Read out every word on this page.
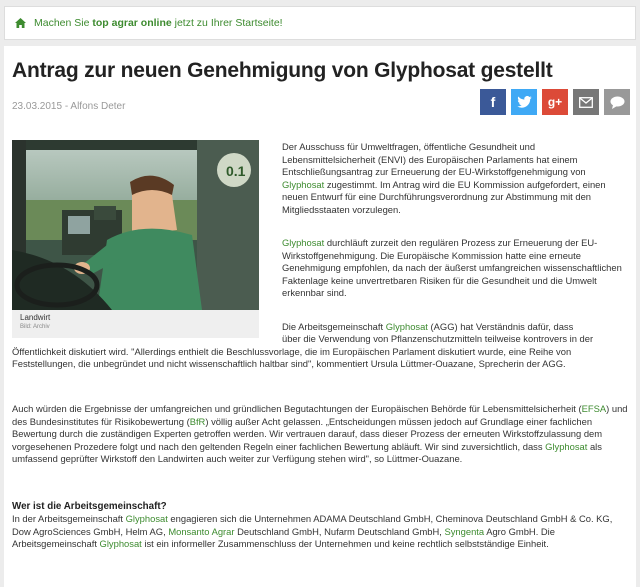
Machen Sie top agrar online jetzt zu Ihrer Startseite!
Antrag zur neuen Genehmigung von Glyphosat gestellt
23.03.2015 - Alfons Deter	f	g+
0.1
Landwirt
Bild: Archiv

Der Ausschuss für Umweltfragen, öffentliche Gesundheit und Lebensmittelsicherheit (ENVI) des Europäischen Parlaments hat einem Entschließungsantrag zur Erneuerung der EU-Wirkstoffgenehmigung von Glyphosat zugestimmt. Im Antrag wird die EU Kommission aufgefordert, einen neuen Entwurf für eine Durchführungsverordnung zur Abstimmung mit den Mitgliedsstaaten vorzulegen.

Glyphosat durchläuft zurzeit den regulären Prozess zur Erneuerung der EU-Wirkstoffgenehmigung. Die Europäische Kommission hatte eine erneute Genehmigung empfohlen, da nach der äußerst umfangreichen wissenschaftlichen Faktenlage keine unvertretbaren Risiken für die Gesundheit und die Umwelt erkennbar sind.

Die Arbeitsgemeinschaft Glyphosat (AGG) hat Verständnis dafür, dass

über die Verwendung von Pflanzenschutzmitteln teilweise kontrovers in der Öffentlichkeit diskutiert wird. "Allerdings enthielt die Beschlussvorlage, die im Europäischen Parlament diskutiert wurde, eine Reihe von Feststellungen, die unbegründet und nicht wissenschaftlich haltbar sind", kommentiert Ursula Lüttmer-Ouazane, Sprecherin der AGG.

Auch würden die Ergebnisse der umfangreichen und gründlichen Begutachtungen der Europäischen Behörde für Lebensmittelsicherheit (EFSA) und des Bundesinstitutes für Risikobewertung (BfR) völlig außer Acht gelassen. „Entscheidungen müssen jedoch auf Grundlage einer fachlichen Bewertung durch die zuständigen Experten getroffen werden. Wir vertrauen darauf, dass dieser Prozess der erneuten Wirkstoffzulassung dem vorgesehenen Prozedere folgt und nach den geltenden Regeln einer fachlichen Bewertung abläuft. Wir sind zuversichtlich, dass Glyphosat als umfassend geprüfter Wirkstoff den Landwirten auch weiter zur Verfügung stehen wird", so Lüttmer-Ouazane.

Wer ist die Arbeitsgemeinschaft?

In der Arbeitsgemeinschaft Glyphosat engagieren sich die Unternehmen ADAMA Deutschland GmbH, Cheminova Deutschland GmbH & Co. KG, Dow AgroSciences GmbH, Helm AG, Monsanto Agrar Deutschland GmbH, Nufarm Deutschland GmbH, Syngenta Agro GmbH. Die Arbeitsgemeinschaft Glyphosat ist ein informeller Zusammenschluss der Unternehmen und keine rechtlich selbstständige Einheit.
